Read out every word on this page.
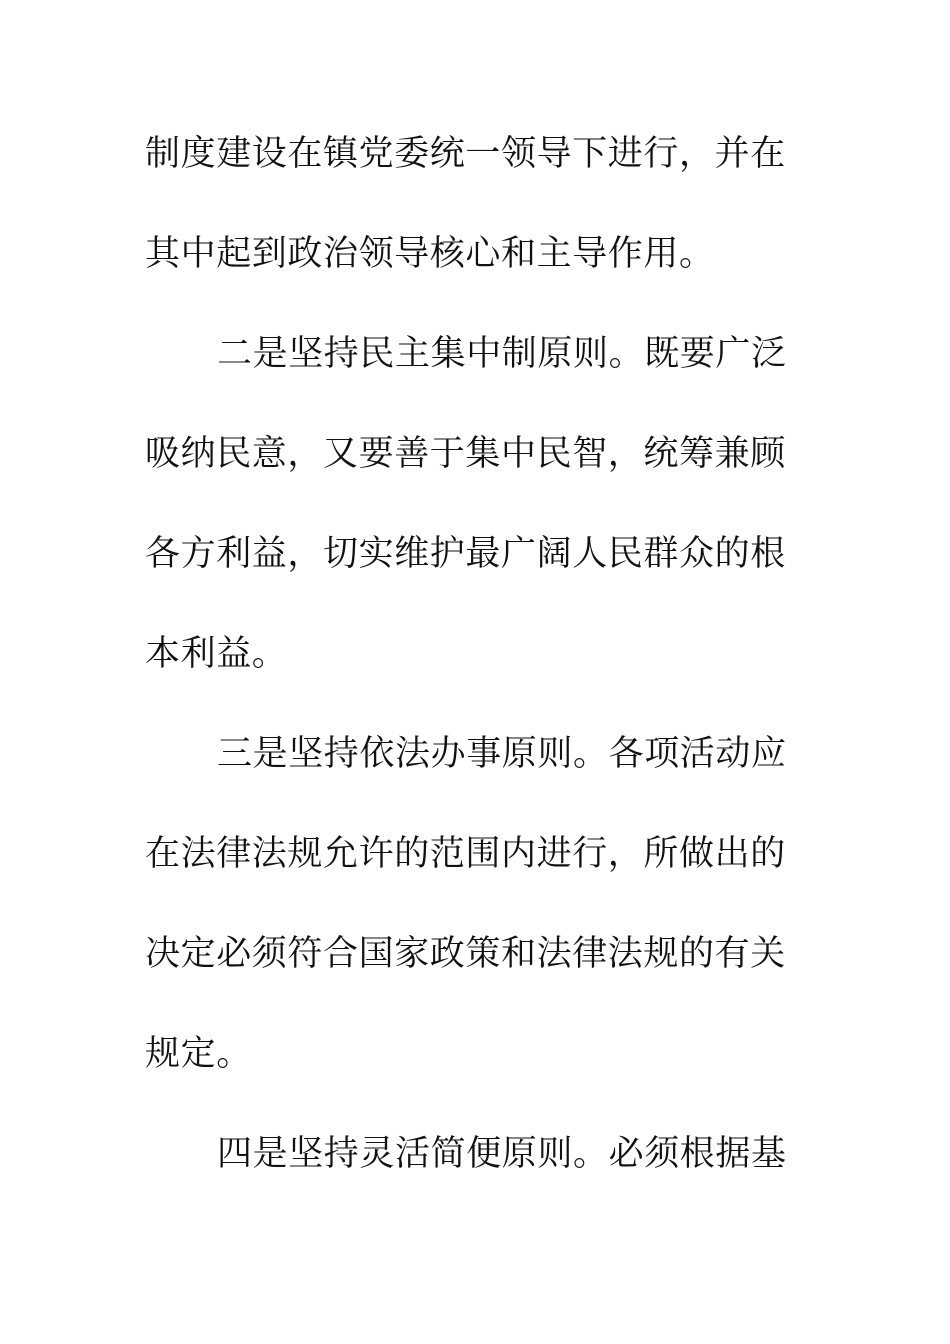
制度建设在镇党委统一领导下进行，并在
其中起到政治领导核心和主导作用。
二是坚持民主集中制原则。既要广泛
吸纳民意，又要善于集中民智，统筹兼顾
各方利益，切实维护最广阔人民群众的根
本利益。
三是坚持依法办事原则。各项活动应
在法律法规允许的范围内进行，所做出的
决定必须符合国家政策和法律法规的有关
规定。
四是坚持灵活简便原则。必须根据基
